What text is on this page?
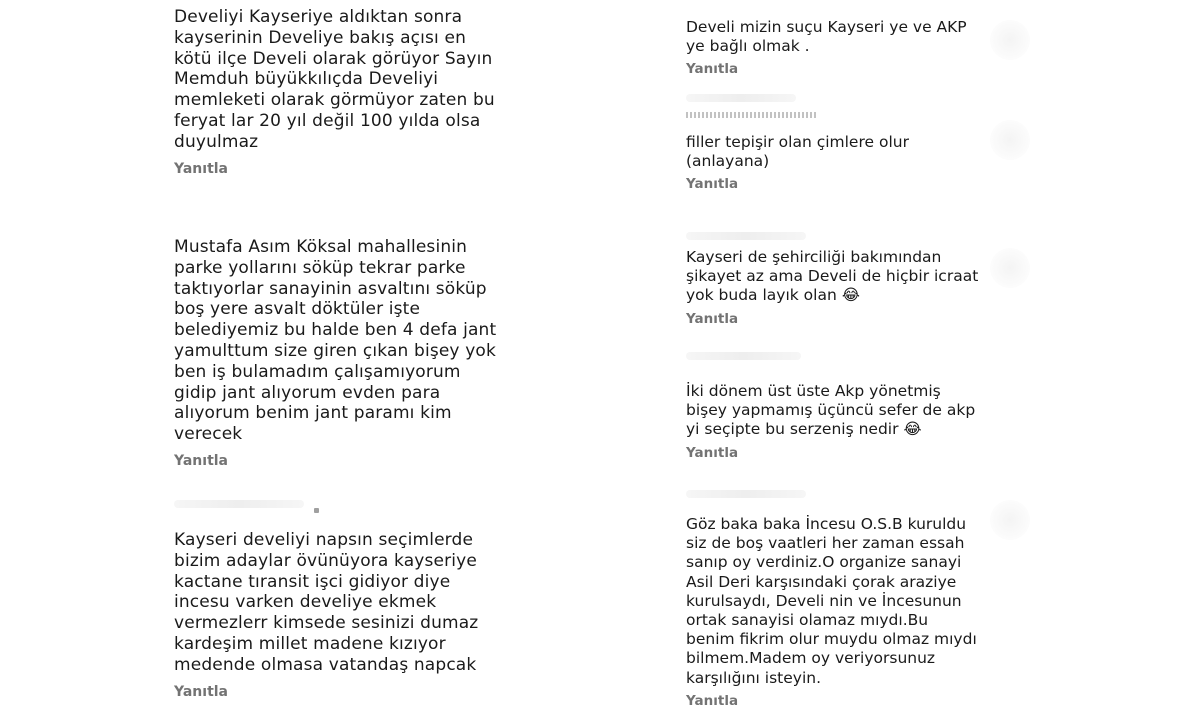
Develiyi Kayseriye aldıktan sonra
kayserinin Develiye bakış açısı en
kötü ilçe Develi olarak görüyor Sayın
Memduh büyükkılıçda Develiyi
memleketi olarak görmüyor zaten bu
feryat lar 20 yıl değil 100 yılda olsa
duyulmaz

Yanıtla

Mustafa Asım Köksal mahallesinin
parke yollarını söküp tekrar parke
taktıyorlar sanayinin asvaltını söküp
boş yere asvalt döktüler işte
belediyemiz bu halde ben 4 defa jant
yamulttum size giren çıkan bişey yok
ben iş bulamadım çalışamıyorum
gidip jant alıyorum evden para
alıyorum benim jant paramı kim
verecek

Yanıtla

Kayseri develiyi napsın seçimlerde
bizim adaylar övünüyora kayseriye
kactane tıransit işci gidiyor diye
incesu varken develiye ekmek
vermezlerr kimsede sesinizi dumaz
kardeşim millet madene kızıyor
medende olmasa vatandaş napcak

Yanıtla

Develi mizin suçu Kayseri ye ve AKP
ye bağlı olmak .

Yanıtla

filler tepişir olan çimlere olur
(anlayana)

Yanıtla

Kayseri de şehirciliği bakımından
şikayet az ama Develi de hiçbir icraat
yok buda layık olan 😂

Yanıtla

İki dönem üst üste Akp yönetmiş
bişey yapmamış üçüncü sefer de akp
yi seçipte bu serzeniş nedir 😂

Yanıtla

Göz baka baka İncesu O.S.B kuruldu
siz de boş vaatleri her zaman essah
sanıp oy verdiniz.O organize sanayi
Asil Deri karşısındaki çorak araziye
kurulsaydı, Develi nin ve İncesunun
ortak sanayisi olamaz mıydı.Bu
benim fikrim olur muydu olmaz mıydı
bilmem.Madem oy veriyorsunuz
karşılığını isteyin.

Yanıtla
